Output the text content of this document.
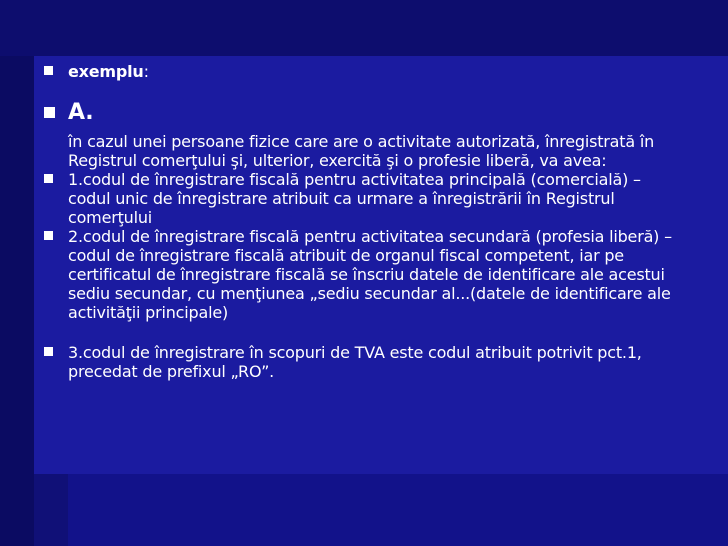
exemplu:
A.
în cazul unei persoane fizice care are o activitate autorizată, înregistrată în Registrul comerţului şi, ulterior, exercită şi o profesie liberă, va avea:
1.codul de înregistrare fiscală pentru activitatea principală (comercială) – codul unic de înregistrare atribuit ca urmare a înregistrării în Registrul comerţului
2.codul de înregistrare fiscală pentru activitatea secundară (profesia liberă) – codul de înregistrare fiscală atribuit de organul fiscal competent, iar pe certificatul de înregistrare fiscală se înscriu datele de identificare ale acestui sediu secundar, cu menţiunea „sediu secundar al...(datele de identificare ale activităţii principale)
3.codul de înregistrare în scopuri de TVA este codul atribuit potrivit pct.1, precedat de prefixul „RO”.
